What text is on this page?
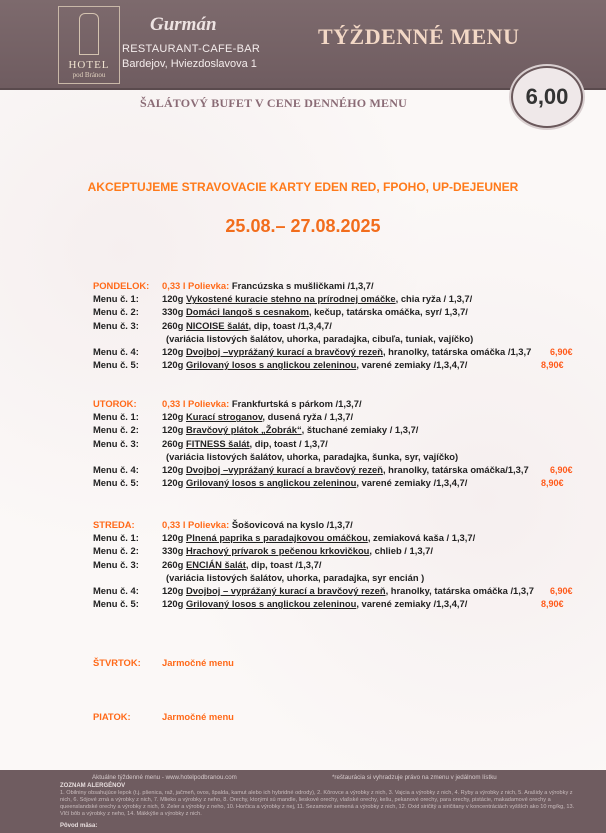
HOTEL
pod Bránou
Gurmán
RESTAURANT-CAFE-BAR
Bardejov, Hviezdoslavova 1
TÝŽDENNÉ MENU
6,00
ŠALÁTOVÝ BUFET V CENE DENNÉHO MENU
AKCEPTUJEME STRAVOVACIE KARTY EDEN RED, FPOHO, UP-DEJEUNER
25.08.– 27.08.2025
PONDELOK: 0,33 l Polievka: Francúzska s mušličkami /1,3,7/
Menu č. 1: 120g Vykostené kuracie stehno na prírodnej omáčke, chia ryža / 1,3,7/
Menu č. 2: 330g Domáci langoš s cesnakom, kečup, tatárska omáčka, syr/ 1,3,7/
Menu č. 3: 260g NICOISE šalát, dip, toast /1,3,4,7/
(variácia listových šalátov, uhorka, paradajka, cibuľa, tuniak, vajíčko)
Menu č. 4: 120g Dvojboj –vyprážaný kurací a bravčový rezeň, hranolky, tatárska omáčka /1,3,7 6,90€
Menu č. 5: 120g Grilovaný losos s anglickou zeleninou, varené zemiaky /1,3,4,7/	8,90€
UTOROK:	0,33 l Polievka: Frankfurtská s párkom /1,3,7/
Menu č. 1: 120g Kurací stroganov, dusená ryža / 1,3,7/
Menu č. 2: 120g Bravčový plátok „Žobrák“, štuchané zemiaky / 1,3,7/
Menu č. 3: 260g FITNESS šalát, dip, toast / 1,3,7/
(variácia listových šalátov, uhorka, paradajka, šunka, syr, vajíčko)
Menu č. 4: 120g Dvojboj –vyprážaný kurací a bravčový rezeň, hranolky, tatárska omáčka/1,3,7 6,90€
Menu č. 5: 120g Grilovaný losos s anglickou zeleninou, varené zemiaky /1,3,4,7/	8,90€
STREDA:	0,33 l Polievka: Šošovicová na kyslo /1,3,7/
Menu č. 1: 120g Plnená paprika s paradajkovou omáčkou, zemiaková kaša / 1,3,7/
Menu č. 2: 330g Hrachový prívarok s pečenou krkovičkou, chlieb / 1,3,7/
Menu č. 3: 260g ENCIÁN šalát, dip, toast /1,3,7/
(variácia listových šalátov, uhorka, paradajka, syr encián )
Menu č. 4: 120g Dvojboj – vyprážaný kurací a bravčový rezeň, hranolky, tatárska omáčka /1,3,7 6,90€
Menu č. 5: 120g Grilovaný losos s anglickou zeleninou, varené zemiaky /1,3,4,7/	8,90€
ŠTVRTOK: Jarmočné menu
PIATOK:	Jarmočné menu
Aktuálne týždenné menu - www.hotelpodbranou.com	*reštaurácia si vyhradzuje právo na zmenu v jedálnom lístku
ZOZNAM ALERGÉNOV
1. Obilniny obsahujúce lepok (t.j. pšenica, raž, jačmeň, ovos, špalda, kamut alebo ich hybridné odrody), 2. Kôrovce a výrobky z nich, 3. Vajcia a výrobky z nich, 4. Ryby a výrobky z nich, 5. Arašidy a výrobky z nich, 6. Sójové zrná a výrobky z nich, 7. Mlieko a výrobky z neho, 8. Orechy, ktorými sú mandle, lieskové orechy, vlašské orechy, kešu, pekanové orechy, para orechy, pistácie, makadamové orechy a queenslandské orechy a výrobky z nich, 9. Zeler a výrobky z neho, 10. Horčica a výrobky z nej, 11. Sezamové semená a výrobky z nich, 12. Oxid siričitý a siričitany v koncentráciách vyšších ako 10 mg/kg, 13. Vlčí bôb a výrobky z neho, 14. Mäkkýše a výrobky z nich.
Pôvod mäsa:
